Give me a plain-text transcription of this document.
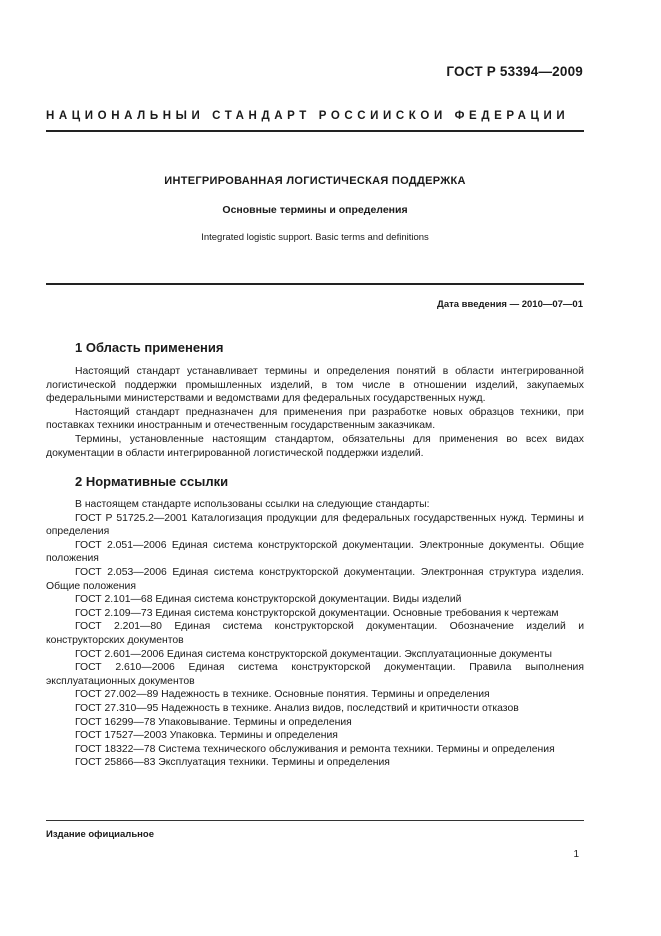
ГОСТ Р 53394—2009
НАЦИОНАЛЬНЫЙ СТАНДАРТ РОССИЙСКОЙ ФЕДЕРАЦИИ
ИНТЕГРИРОВАННАЯ ЛОГИСТИЧЕСКАЯ ПОДДЕРЖКА
Основные термины и определения
Integrated logistic support. Basic terms and definitions
Дата введения — 2010—07—01
1 Область применения

Настоящий стандарт устанавливает термины и определения понятий в области интегрированной логистической поддержки промышленных изделий, в том числе в отношении изделий, закупаемых федеральными министерствами и ведомствами для федеральных государственных нужд.

Настоящий стандарт предназначен для применения при разработке новых образцов техники, при поставках техники иностранным и отечественным государственным заказчикам.

Термины, установленные настоящим стандартом, обязательны для применения во всех видах документации в области интегрированной логистической поддержки изделий.

2 Нормативные ссылки

В настоящем стандарте использованы ссылки на следующие стандарты:

ГОСТ Р 51725.2—2001 Каталогизация продукции для федеральных государственных нужд. Термины и определения

ГОСТ 2.051—2006 Единая система конструкторской документации. Электронные документы. Общие положения

ГОСТ 2.053—2006 Единая система конструкторской документации. Электронная структура изделия. Общие положения

ГОСТ 2.101—68 Единая система конструкторской документации. Виды изделий

ГОСТ 2.109—73 Единая система конструкторской документации. Основные требования к чертежам

ГОСТ 2.201—80 Единая система конструкторской документации. Обозначение изделий и конструкторских документов

ГОСТ 2.601—2006 Единая система конструкторской документации. Эксплуатационные документы

ГОСТ 2.610—2006 Единая система конструкторской документации. Правила выполнения эксплуатационных документов

ГОСТ 27.002—89 Надежность в технике. Основные понятия. Термины и определения

ГОСТ 27.310—95 Надежность в технике. Анализ видов, последствий и критичности отказов

ГОСТ 16299—78 Упаковывание. Термины и определения

ГОСТ 17527—2003 Упаковка. Термины и определения

ГОСТ 18322—78 Система технического обслуживания и ремонта техники. Термины и определения

ГОСТ 25866—83 Эксплуатация техники. Термины и определения

Издание официальное
1
